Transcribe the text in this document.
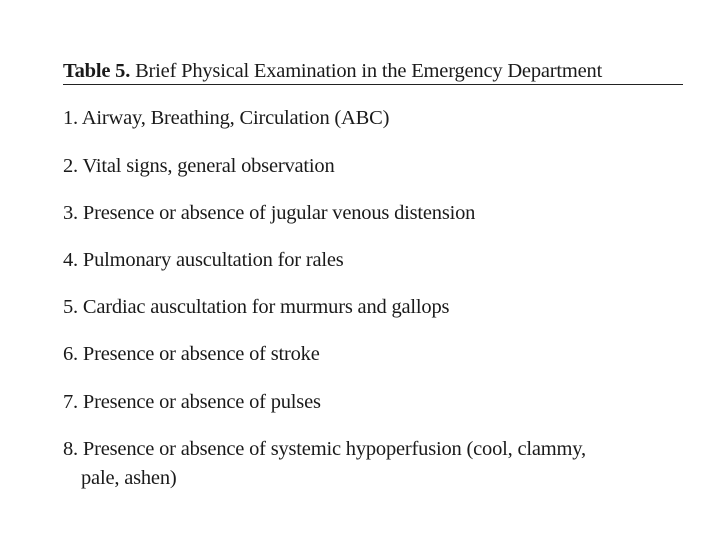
Table 5. Brief Physical Examination in the Emergency Department
1. Airway, Breathing, Circulation (ABC)
2. Vital signs, general observation
3. Presence or absence of jugular venous distension
4. Pulmonary auscultation for rales
5. Cardiac auscultation for murmurs and gallops
6. Presence or absence of stroke
7. Presence or absence of pulses
8. Presence or absence of systemic hypoperfusion (cool, clammy,
pale, ashen)
